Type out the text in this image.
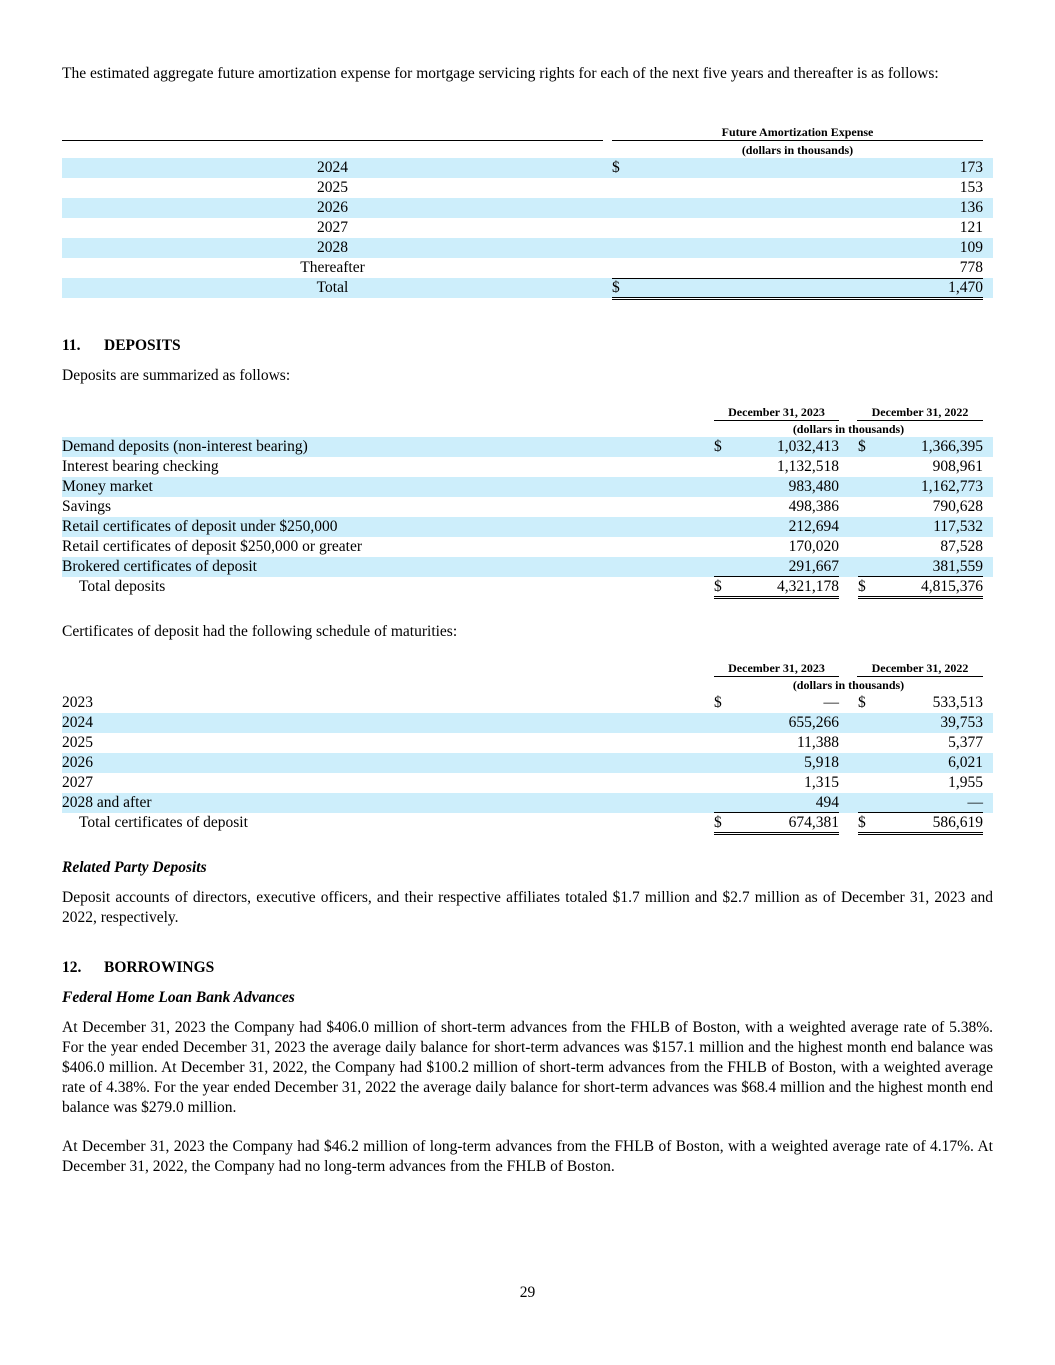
The estimated aggregate future amortization expense for mortgage servicing rights for each of the next five years and thereafter is as follows:

Future Amortization Expense
(dollars in thousands)
2024	$	173
2025	153
2026	136
2027	121
2028	109
Thereafter	778
Total	$	1,470

11. DEPOSITS

Deposits are summarized as follows:

December 31, 2023	December 31, 2022
(dollars in thousands)
Demand deposits (non-interest bearing)	$	1,032,413 $	1,366,395
Interest bearing checking	1,132,518	908,961
Money market	983,480	1,162,773
Savings	498,386	790,628
Retail certificates of deposit under $250,000	212,694	117,532
Retail certificates of deposit $250,000 or greater	170,020	87,528
Brokered certificates of deposit	291,667	381,559
Total deposits	$	4,321,178 $	4,815,376

Certificates of deposit had the following schedule of maturities:

December 31, 2023	December 31, 2022
(dollars in thousands)
2023	$	— $	533,513
2024	655,266	39,753
2025	11,388	5,377
2026	5,918	6,021
2027	1,315	1,955
2028 and after	494	—
Total certificates of deposit	$	674,381 $	586,619

Related Party Deposits

Deposit accounts of directors, executive officers, and their respective affiliates totaled $1.7 million and $2.7 million as of December 31, 2023 and 2022, respectively.

12. BORROWINGS

Federal Home Loan Bank Advances

At December 31, 2023 the Company had $406.0 million of short-term advances from the FHLB of Boston, with a weighted average rate of 5.38%. For the year ended December 31, 2023 the average daily balance for short-term advances was $157.1 million and the highest month end balance was $406.0 million. At December 31, 2022, the Company had $100.2 million of short-term advances from the FHLB of Boston, with a weighted average rate of 4.38%. For the year ended December 31, 2022 the average daily balance for short-term advances was $68.4 million and the highest month end balance was $279.0 million.

At December 31, 2023 the Company had $46.2 million of long-term advances from the FHLB of Boston, with a weighted average rate of 4.17%. At December 31, 2022, the Company had no long-term advances from the FHLB of Boston.

29
